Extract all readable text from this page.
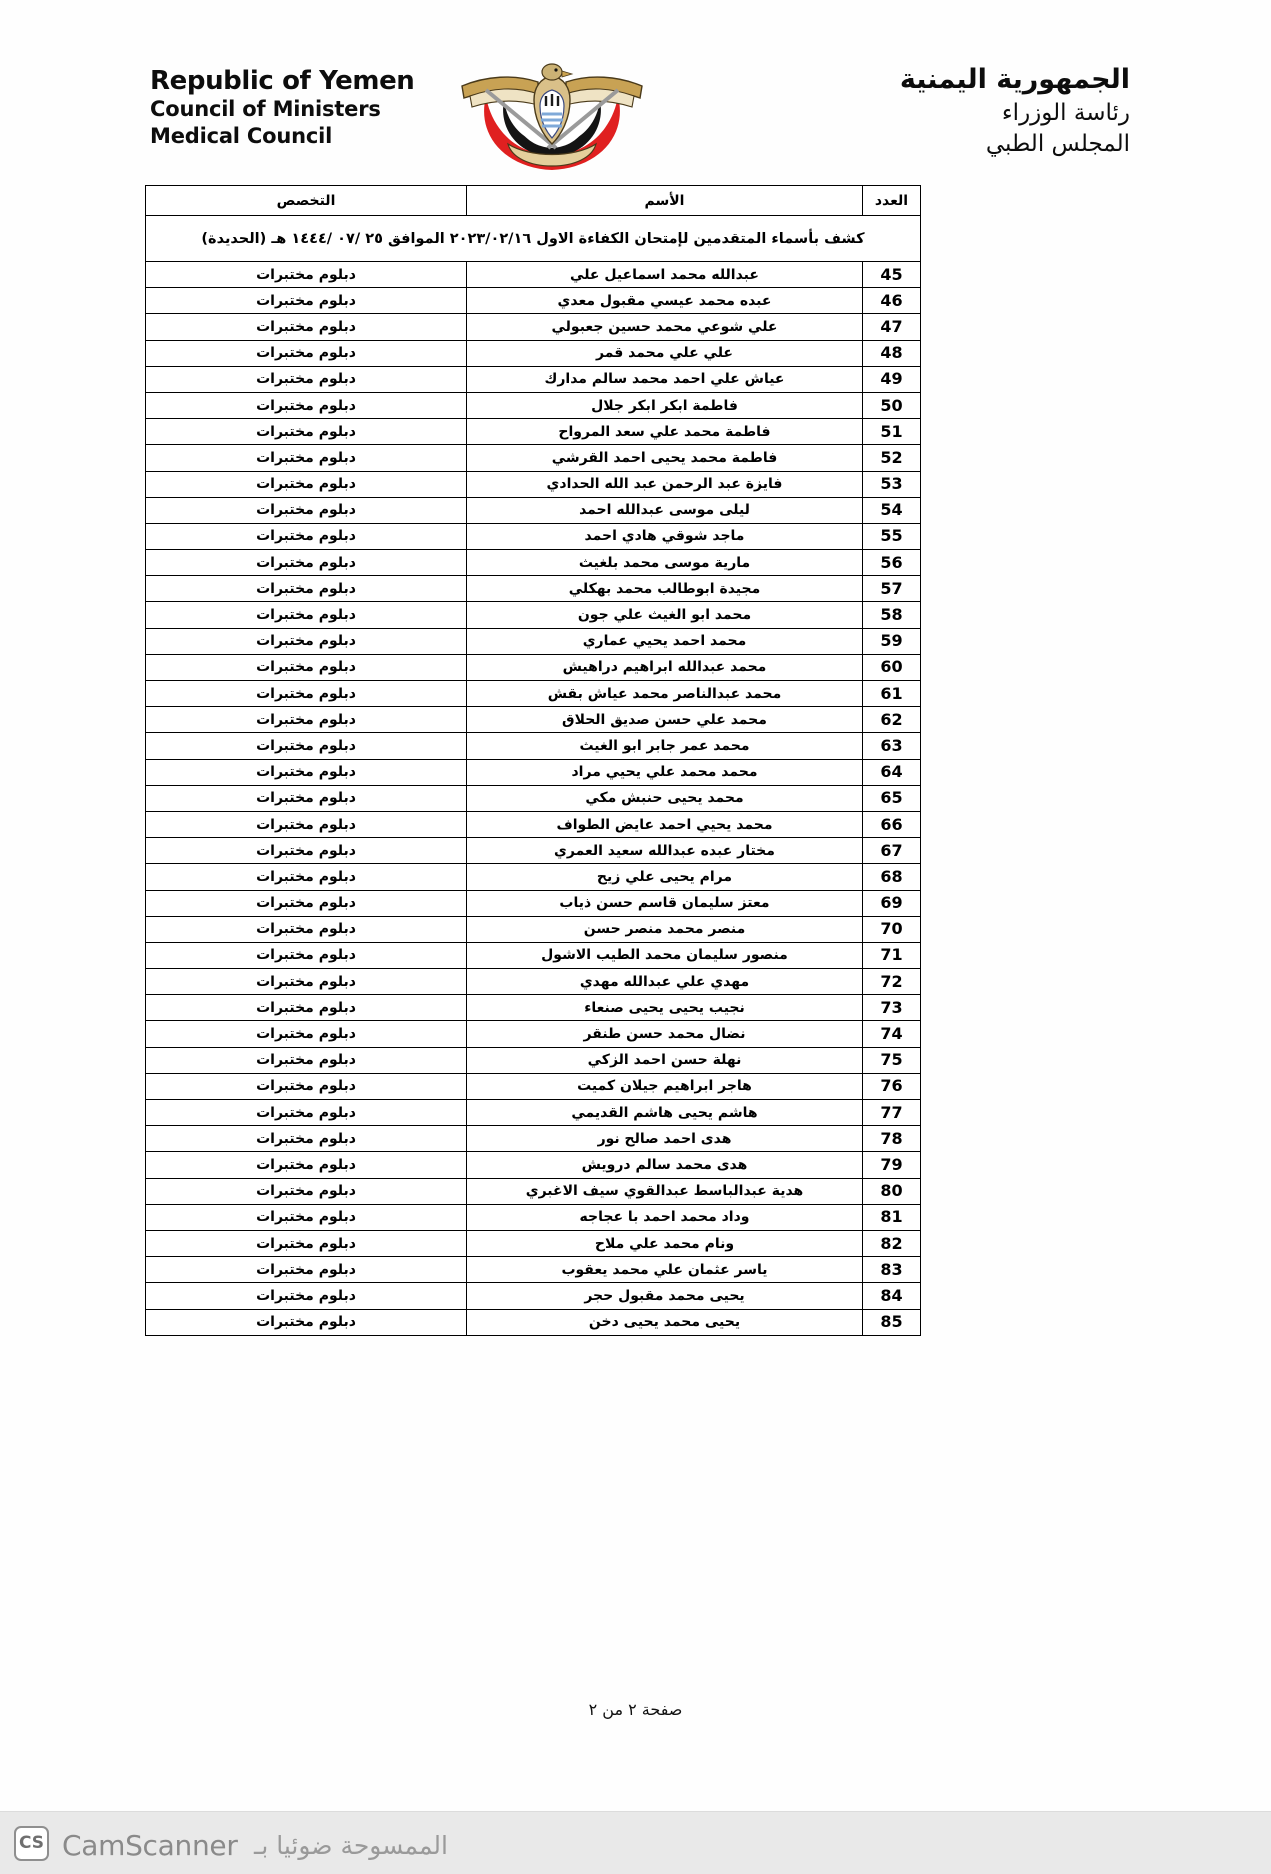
Republic of Yemen
Council of Ministers
Medical Council
الجمهورية اليمنية
رئاسة الوزراء
المجلس الطبي
كشف بأسماء المتقدمين لإمتحان الكفاءة الاول ٢٠٢٣/٠٢/١٦ الموافق ٢٥ /٠٧ /١٤٤٤ هـ (الحديدة)		
العدد	الأسم	التخصص
45	عبدالله محمد اسماعيل علي	دبلوم مختبرات
46	عبده محمد عيسي مقبول معدي	دبلوم مختبرات
47	علي شوعي محمد حسين جعبولي	دبلوم مختبرات
48	علي علي محمد قمر	دبلوم مختبرات
49	عياش علي احمد محمد سالم مدارك	دبلوم مختبرات
50	فاطمة ابكر ابكر جلال	دبلوم مختبرات
51	فاطمة محمد علي سعد المرواح	دبلوم مختبرات
52	فاطمة محمد يحيى احمد القرشي	دبلوم مختبرات
53	فايزة عبد الرحمن عبد الله الحدادي	دبلوم مختبرات
54	ليلى موسى عبدالله احمد	دبلوم مختبرات
55	ماجد شوقي هادي احمد	دبلوم مختبرات
56	مارية موسى محمد بلغيث	دبلوم مختبرات
57	مجيدة ابوطالب محمد بهكلي	دبلوم مختبرات
58	محمد ابو الغيث علي جون	دبلوم مختبرات
59	محمد احمد يحيي عماري	دبلوم مختبرات
60	محمد عبدالله ابراهيم دراهيش	دبلوم مختبرات
61	محمد عبدالناصر محمد عياش بقش	دبلوم مختبرات
62	محمد علي حسن صديق الحلاق	دبلوم مختبرات
63	محمد عمر جابر ابو الغيث	دبلوم مختبرات
64	محمد محمد علي يحيي مراد	دبلوم مختبرات
65	محمد يحيى حنبش مكي	دبلوم مختبرات
66	محمد يحيي احمد عايض الطواف	دبلوم مختبرات
67	مختار عبده عبدالله سعيد العمري	دبلوم مختبرات
68	مرام يحيى علي زيح	دبلوم مختبرات
69	معتز سليمان قاسم حسن ذياب	دبلوم مختبرات
70	منصر محمد منصر حسن	دبلوم مختبرات
71	منصور سليمان محمد الطيب الاشول	دبلوم مختبرات
72	مهدي علي عبدالله مهدي	دبلوم مختبرات
73	نجيب يحيى يحيى صنعاء	دبلوم مختبرات
74	نضال محمد حسن طنقر	دبلوم مختبرات
75	نهلة حسن احمد الزكي	دبلوم مختبرات
76	هاجر ابراهيم جيلان كميت	دبلوم مختبرات
77	هاشم يحيى هاشم القديمي	دبلوم مختبرات
78	هدى احمد صالح نور	دبلوم مختبرات
79	هدى محمد سالم درويش	دبلوم مختبرات
80	هدية عبدالباسط عبدالقوي سيف الاغبري	دبلوم مختبرات
81	وداد محمد احمد با عجاجه	دبلوم مختبرات
82	ونام محمد علي ملاح	دبلوم مختبرات
83	ياسر عثمان علي محمد يعقوب	دبلوم مختبرات
84	يحيى محمد مقبول حجر	دبلوم مختبرات
85	يحيى محمد يحيى دخن	دبلوم مختبرات
صفحة ٢ من ٢
CS CamScanner الممسوحة ضوئيا بـ
